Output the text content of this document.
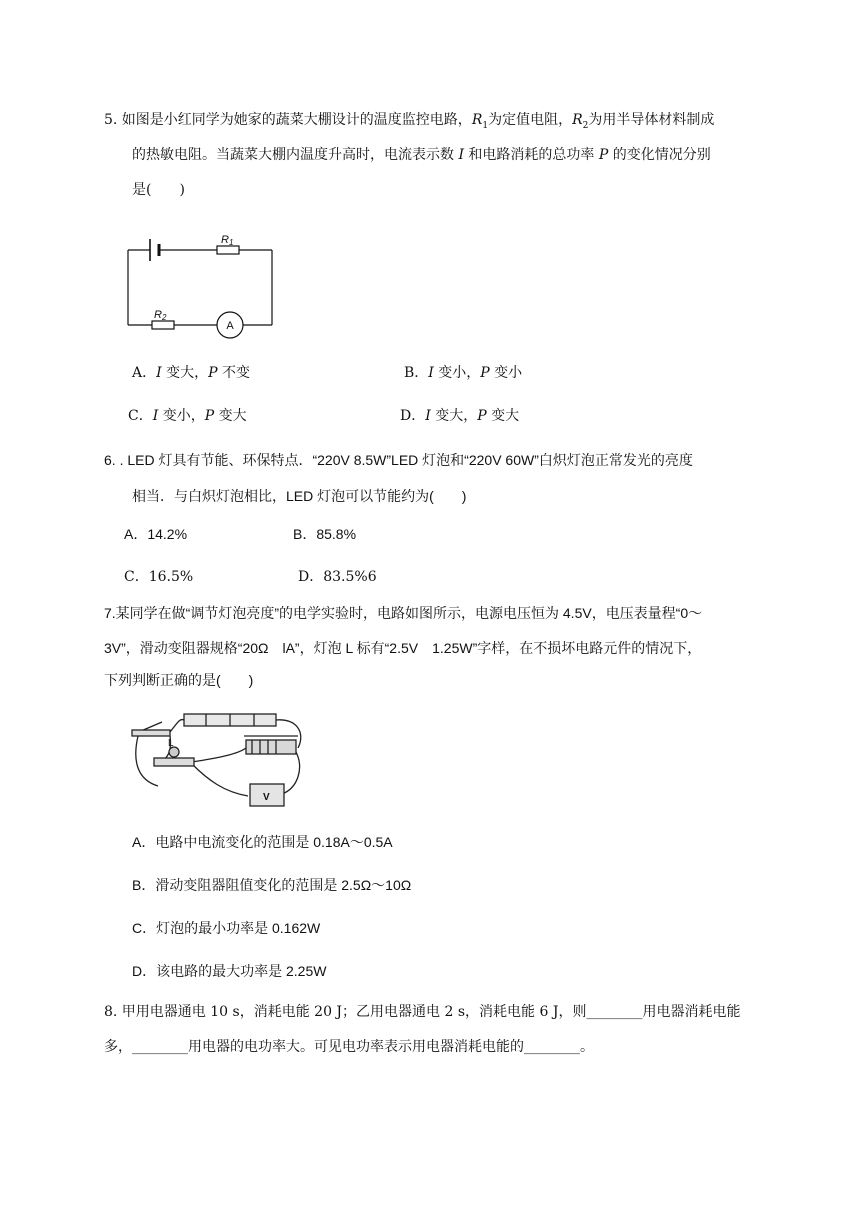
5. 如图是小红同学为她家的蔬菜大棚设计的温度监控电路，$R_1$为定值电阻，$R_2$为用半导体材料制成
的热敏电阻。当蔬菜大棚内温度升高时，电流表示数 I 和电路消耗的总功率 P 的变化情况分别
是(　　)
R1
R2
A
A．I 变大，P 不变	B．I 变小，P 变小
C．I 变小，P 变大	D．I 变大，P 变大
6. . LED 灯具有节能、环保特点．“220V 8.5W”LED 灯泡和“220V 60W”白炽灯泡正常发光的亮度
相当．与白炽灯泡相比，LED 灯泡可以节能约为(　　)
A．14.2%	B．85.8%
C．16.5%	D．83.5%6
7.某同学在做“调节灯泡亮度”的电学实验时，电路如图所示，电源电压恒为 4.5V，电压表量程“0～
3V”，滑动变阻器规格“20Ω　lA”，灯泡 L 标有“2.5V　1.25W”字样，在不损坏电路元件的情况下，
下列判断正确的是(　　)
L
V
A．电路中电流变化的范围是 0.18A～0.5A
B．滑动变阻器阻值变化的范围是 2.5Ω～10Ω
C．灯泡的最小功率是 0.162W
D．该电路的最大功率是 2.25W
8. 甲用电器通电 10 s，消耗电能 20 J；乙用电器通电 2 s，消耗电能 6 J，则________用电器消耗电能
多，________用电器的电功率大。可见电功率表示用电器消耗电能的________。
